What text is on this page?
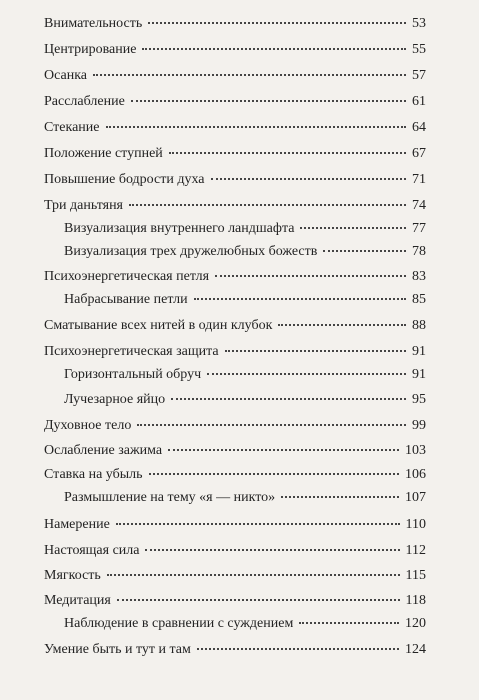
Внимательность	53
Центрирование	55
Осанка	57
Расслабление	61
Стекание	64
Положение ступней	67
Повышение бодрости духа	71
Три даньтяня	74
Визуализация внутреннего ландшафта	77
Визуализация трех дружелюбных божеств	78
Психоэнергетическая петля	83
Набрасывание петли	85
Сматывание всех нитей в один клубок	88
Психоэнергетическая защита	91
Горизонтальный обруч	91
Лучезарное яйцо	95
Духовное тело	99
Ослабление зажима	103
Ставка на убыль	106
Размышление на тему «я — никто»	107
Намерение	110
Настоящая сила	112
Мягкость	115
Медитация	118
Наблюдение в сравнении с суждением	120
Умение быть и тут и там	124
